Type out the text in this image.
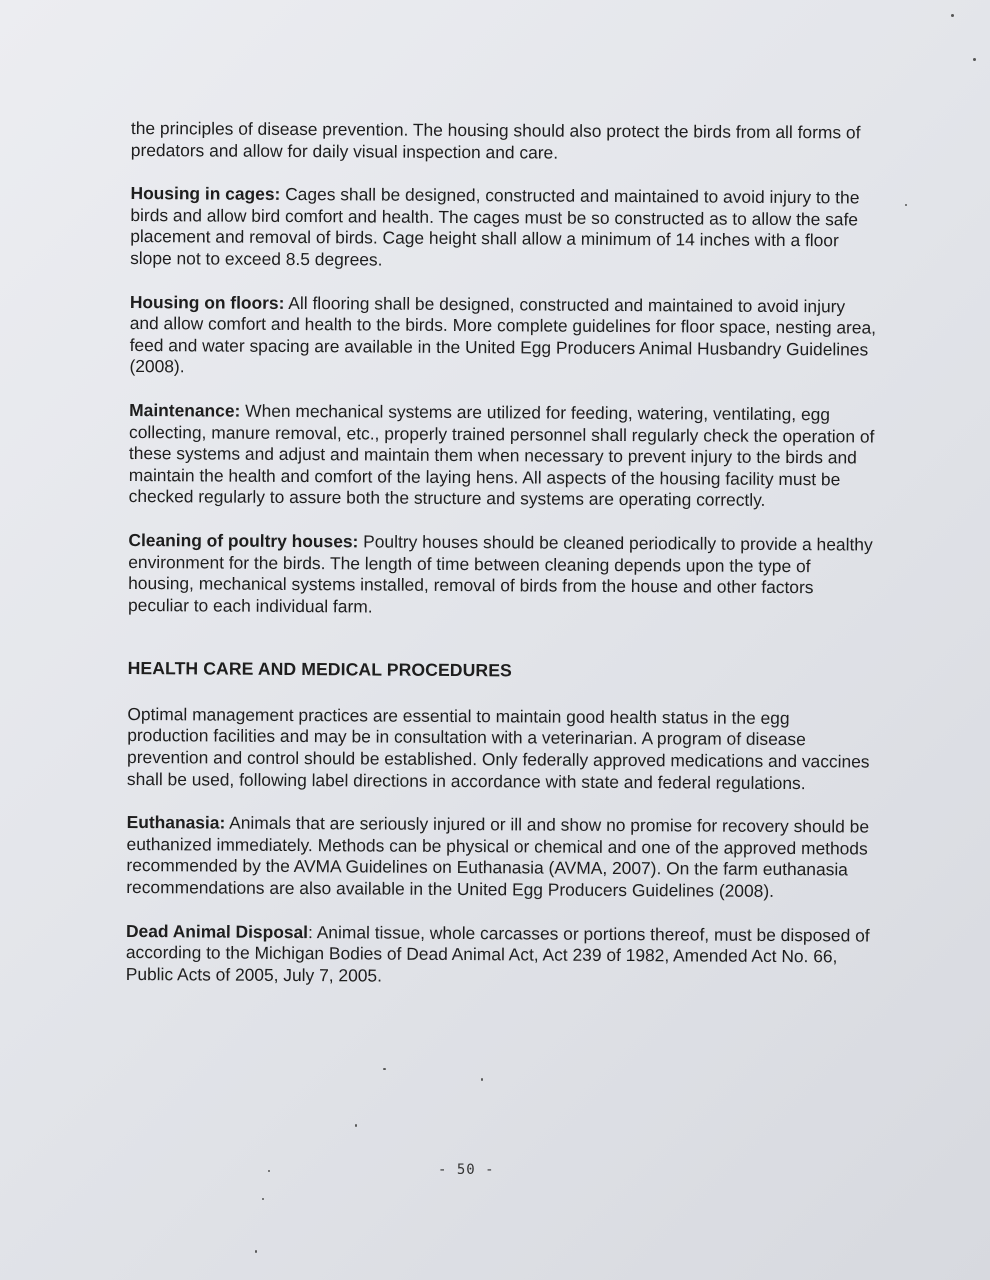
the principles of disease prevention. The housing should also protect the birds from all forms of predators and allow for daily visual inspection and care.

Housing in cages: Cages shall be designed, constructed and maintained to avoid injury to the birds and allow bird comfort and health. The cages must be so constructed as to allow the safe placement and removal of birds. Cage height shall allow a minimum of 14 inches with a floor slope not to exceed 8.5 degrees.

Housing on floors: All flooring shall be designed, constructed and maintained to avoid injury and allow comfort and health to the birds. More complete guidelines for floor space, nesting area, feed and water spacing are available in the United Egg Producers Animal Husbandry Guidelines (2008).

Maintenance: When mechanical systems are utilized for feeding, watering, ventilating, egg collecting, manure removal, etc., properly trained personnel shall regularly check the operation of these systems and adjust and maintain them when necessary to prevent injury to the birds and maintain the health and comfort of the laying hens. All aspects of the housing facility must be checked regularly to assure both the structure and systems are operating correctly.

Cleaning of poultry houses: Poultry houses should be cleaned periodically to provide a healthy environment for the birds. The length of time between cleaning depends upon the type of housing, mechanical systems installed, removal of birds from the house and other factors peculiar to each individual farm.

HEALTH CARE AND MEDICAL PROCEDURES

Optimal management practices are essential to maintain good health status in the egg production facilities and may be in consultation with a veterinarian. A program of disease prevention and control should be established. Only federally approved medications and vaccines shall be used, following label directions in accordance with state and federal regulations.

Euthanasia: Animals that are seriously injured or ill and show no promise for recovery should be euthanized immediately. Methods can be physical or chemical and one of the approved methods recommended by the AVMA Guidelines on Euthanasia (AVMA, 2007). On the farm euthanasia recommendations are also available in the United Egg Producers Guidelines (2008).

Dead Animal Disposal: Animal tissue, whole carcasses or portions thereof, must be disposed of according to the Michigan Bodies of Dead Animal Act, Act 239 of 1982, Amended Act No. 66, Public Acts of 2005, July 7, 2005.

- 50 -
